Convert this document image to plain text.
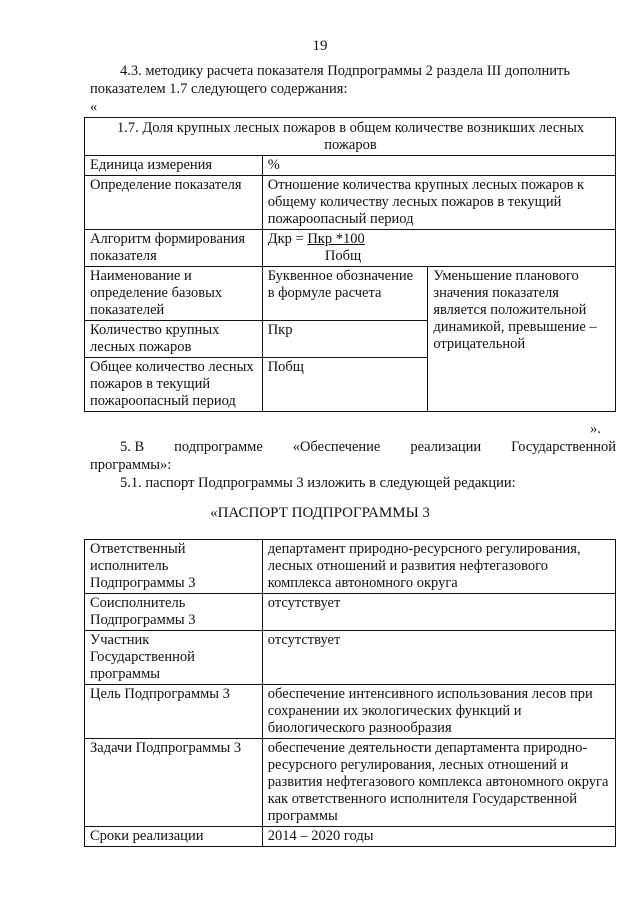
19
4.3. методику расчета показателя Подпрограммы 2 раздела III дополнить
показателем 1.7 следующего содержания:
«
1.7. Доля крупных лесных пожаров в общем количестве возникших лесных пожаров		
Единица измерения	%	
Определение показателя	Отношение количества крупных лесных пожаров к общему количеству лесных пожаров в текущий пожароопасный период	
Алгоритм формирования показателя	Дкр = $\frac{\text{Пкр *100}}{\text{Побщ}}$

Наименование и определение базовых показателей	Буквенное обозначение в формуле расчета	Уменьшение планового значения показателя является положительной динамикой, превышение – отрицательной
Количество крупных лесных пожаров	Пкр	
Общее количество лесных пожаров в текущий пожароопасный период	Побщ	
».
5. В подпрограмме «Обеспечение реализации Государственной
программы»:
5.1. паспорт Подпрограммы 3 изложить в следующей редакции:
«ПАСПОРТ ПОДПРОГРАММЫ 3
Ответственный исполнитель Подпрограммы 3	департамент природно-ресурсного регулирования, лесных отношений и развития нефтегазового комплекса автономного округа
Соисполнитель Подпрограммы 3	отсутствует
Участник Государственной программы	отсутствует
Цель Подпрограммы 3	обеспечение интенсивного использования лесов при сохранении их экологических функций и биологического разнообразия
Задачи Подпрограммы 3	обеспечение деятельности департамента природно-ресурсного регулирования, лесных отношений и развития нефтегазового комплекса автономного округа как ответственного исполнителя Государственной программы
Сроки реализации	2014 – 2020 годы
